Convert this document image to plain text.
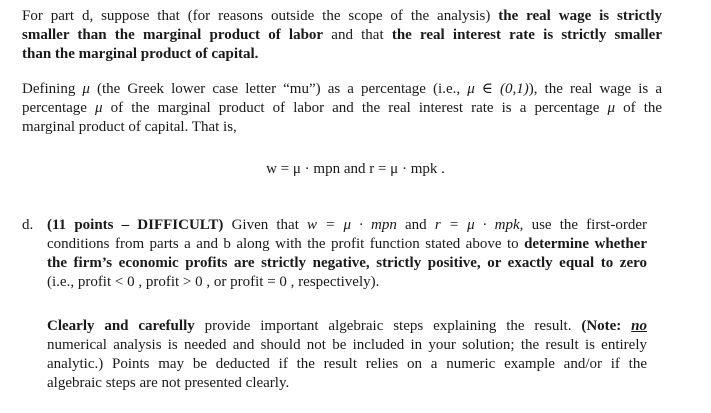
For part d, suppose that (for reasons outside the scope of the analysis) the real wage is strictly
smaller than the marginal product of labor and that the real interest rate is strictly smaller
than the marginal product of capital.
Defining μ (the Greek lower case letter “mu”) as a percentage (i.e., μ ∈ (0,1)), the real wage is a
percentage μ of the marginal product of labor and the real interest rate is a percentage μ of the
marginal product of capital. That is,
w = μ · mpn and r = μ · mpk .
d. (11 points – DIFFICULT) Given that w = μ · mpn and r = μ · mpk, use the first-order
conditions from parts a and b along with the profit function stated above to determine whether
the firm’s economic profits are strictly negative, strictly positive, or exactly equal to zero
(i.e., profit < 0 , profit > 0 , or profit = 0 , respectively).
Clearly and carefully provide important algebraic steps explaining the result. (Note: no
numerical analysis is needed and should not be included in your solution; the result is entirely
analytic.) Points may be deducted if the result relies on a numeric example and/or if the
algebraic steps are not presented clearly.
